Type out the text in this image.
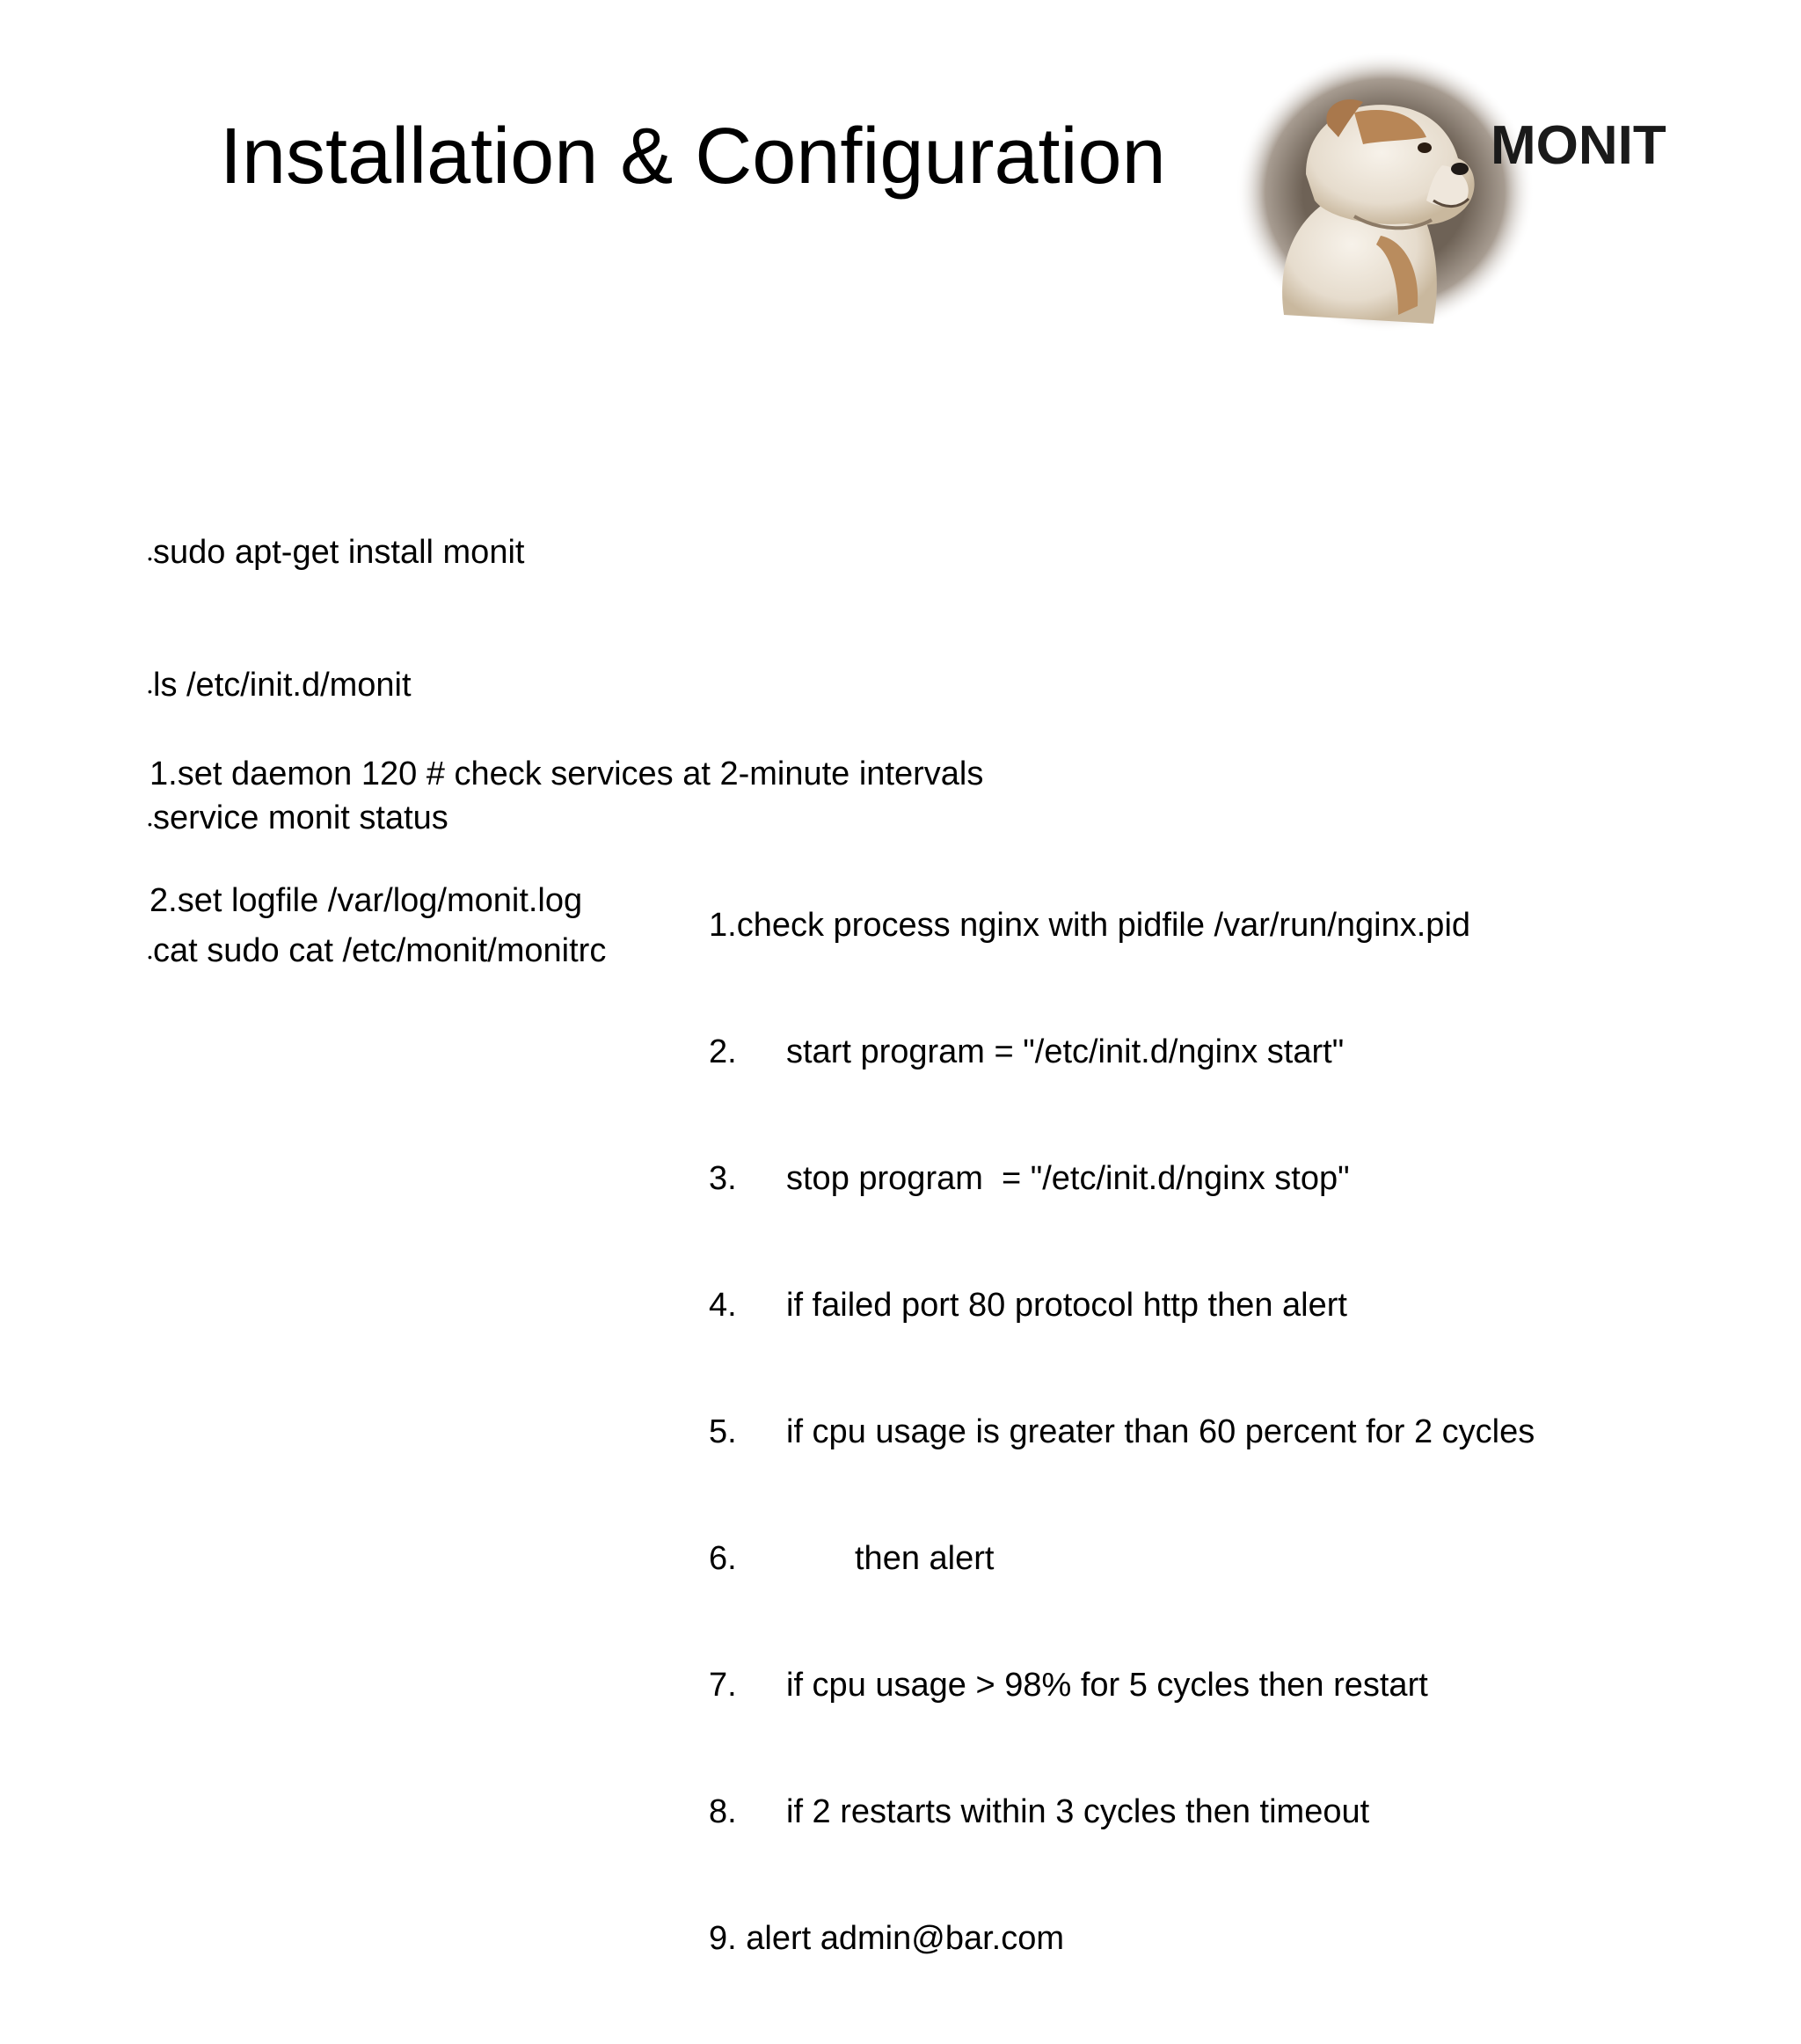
Installation & Configuration	MONIT

•sudo apt-get install monit

•ls /etc/init.d/monit

•service monit status

•cat sudo cat /etc/monit/monitrc

1.set daemon 120 # check services at 2-minute intervals

2.set logfile /var/log/monit.log

1.check process nginx with pidfile /var/run/nginx.pid

2. start program = "/etc/init.d/nginx start"

3. stop program  = "/etc/init.d/nginx stop"

4. if failed port 80 protocol http then alert

5. if cpu usage is greater than 60 percent for 2 cycles

6.	then alert

7. if cpu usage > 98% for 5 cycles then restart

8. if 2 restarts within 3 cycles then timeout

9. alert admin@bar.com
